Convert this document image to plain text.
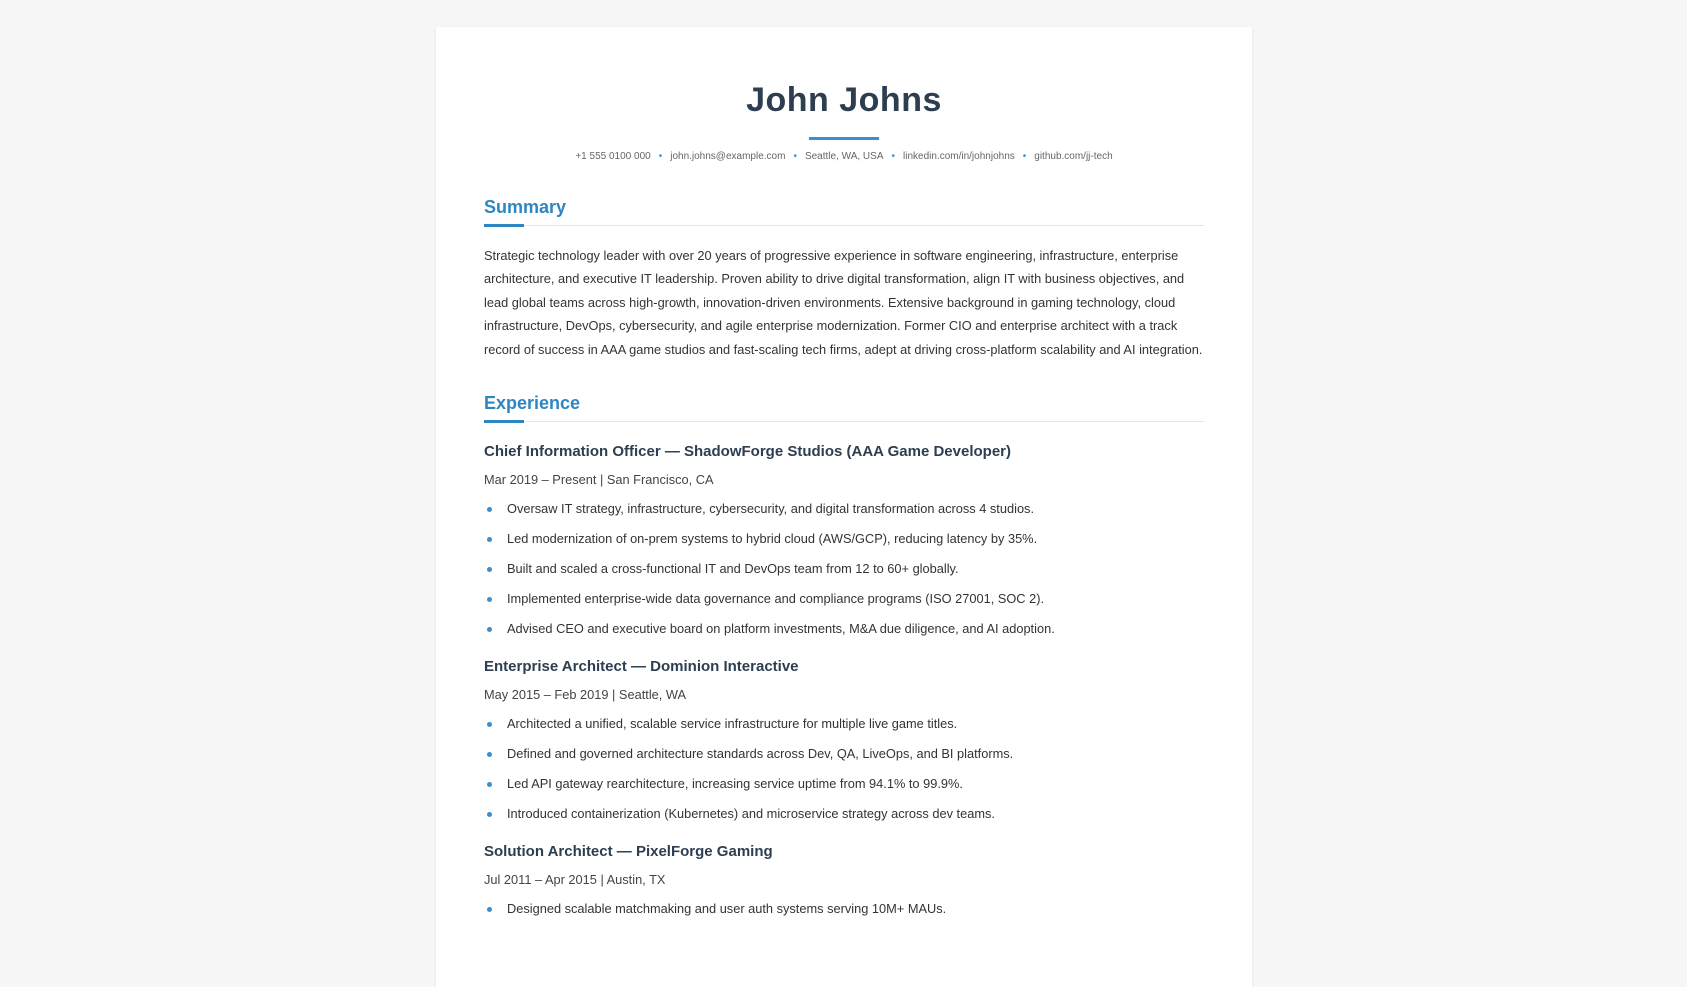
John Johns
+1 555 0100 000 • john.johns@example.com • Seattle, WA, USA • linkedin.com/in/johnjohns • github.com/jj-tech
Summary

Strategic technology leader with over 20 years of progressive experience in software engineering, infrastructure, enterprise architecture, and executive IT leadership. Proven ability to drive digital transformation, align IT with business objectives, and lead global teams across high-growth, innovation-driven environments. Extensive background in gaming technology, cloud infrastructure, DevOps, cybersecurity, and agile enterprise modernization. Former CIO and enterprise architect with a track record of success in AAA game studios and fast-scaling tech firms, adept at driving cross-platform scalability and AI integration.

Experience
Chief Information Officer — ShadowForge Studios (AAA Game Developer)
Mar 2019 – Present | San Francisco, CA
Oversaw IT strategy, infrastructure, cybersecurity, and digital transformation across 4 studios.
Led modernization of on-prem systems to hybrid cloud (AWS/GCP), reducing latency by 35%.
Built and scaled a cross-functional IT and DevOps team from 12 to 60+ globally.
Implemented enterprise-wide data governance and compliance programs (ISO 27001, SOC 2).
Advised CEO and executive board on platform investments, M&A due diligence, and AI adoption.
Enterprise Architect — Dominion Interactive
May 2015 – Feb 2019 | Seattle, WA
Architected a unified, scalable service infrastructure for multiple live game titles.
Defined and governed architecture standards across Dev, QA, LiveOps, and BI platforms.
Led API gateway rearchitecture, increasing service uptime from 94.1% to 99.9%.
Introduced containerization (Kubernetes) and microservice strategy across dev teams.
Solution Architect — PixelForge Gaming
Jul 2011 – Apr 2015 | Austin, TX
Designed scalable matchmaking and user auth systems serving 10M+ MAUs.
